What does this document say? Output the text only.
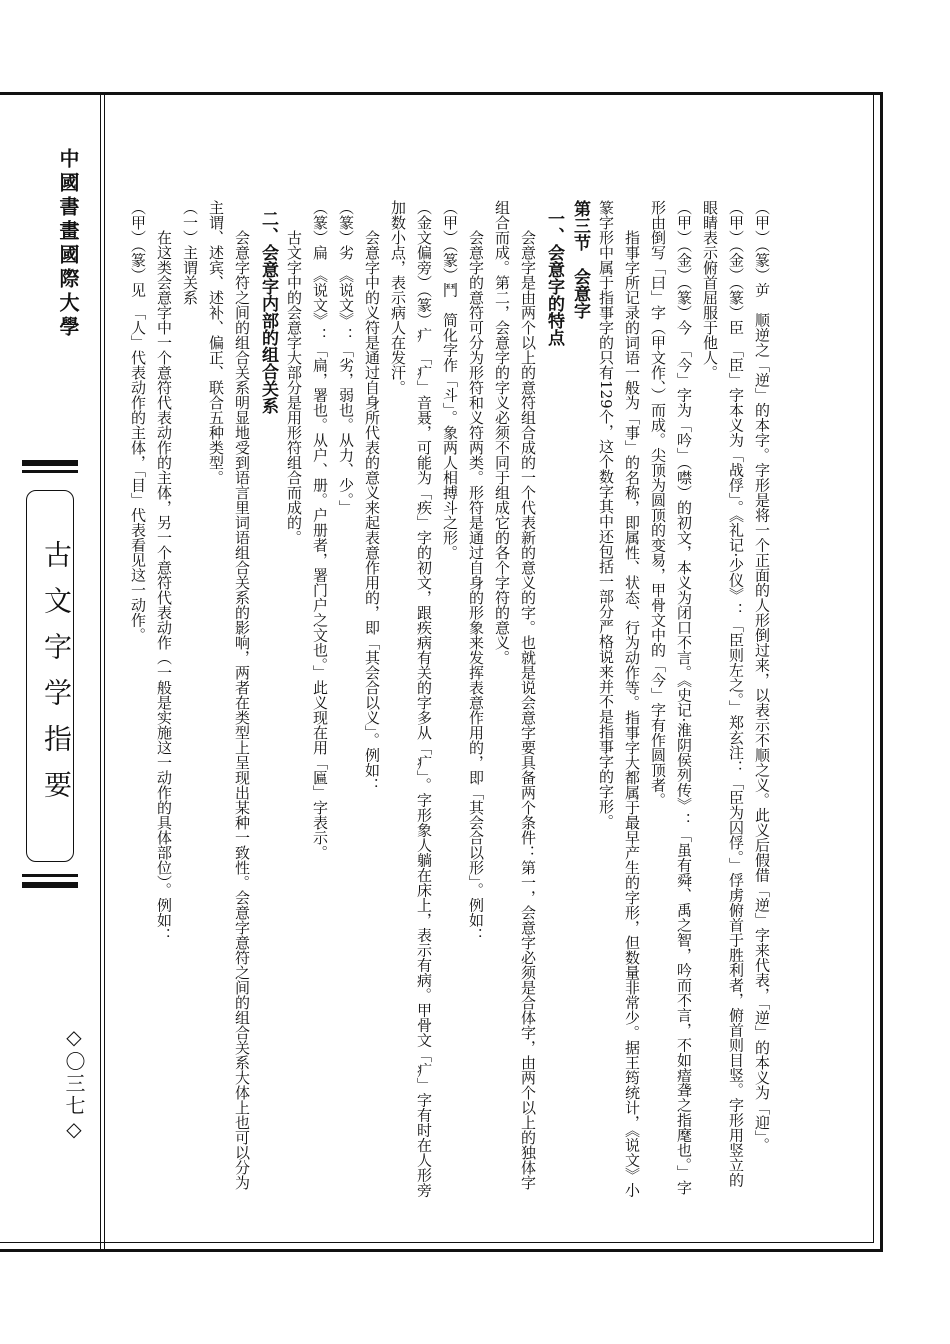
中國書畫國際大學
古文字学指要
◇〇三七◇	（甲）（篆）屰　顺逆之「逆」的本字。字形是将一个正面的人形倒过来，以表示不顺之义。此义后假借「逆」字来代表，「逆」的本义为「迎」。

（甲）（金）（篆）臣　「臣」字本义为「战俘」。《礼记·少仪》：「臣则左之。」郑玄注：「臣为囚俘。」俘虏俯首于胜利者，俯首则目竖。字形用竖立的眼睛表示俯首屈服于他人。

（甲）（金）（篆）今　「今」字为「吟」（噤）的初文，本义为闭口不言。《史记·淮阴侯列传》：「虽有舜、禹之智，吟而不言，不如瘖聋之指麾也。」字形由倒写「曰」字（甲文作、）而成。尖顶为圆顶的变易，甲骨文中的「今」字有作圆顶者。

指事字所记录的词语一般为「事」的名称，即属性、状态、行为动作等。指事字大都属于最早产生的字形，但数量非常少。据王筠统计，《说文》小篆字形中属于指事字的只有129个，这个数字其中还包括一部分严格说来并不是指事字的字形。

第三节　会意字

一、会意字的特点

会意字是由两个以上的意符组合成的一个代表新的意义的字。也就是说会意字要具备两个条件：第一，会意字必须是合体字，由两个以上的独体字组合而成。第二，会意字的字义必须不同于组成它的各个字符的意义。

会意字的意符可分为形符和义符两类。形符是通过自身的形象来发挥表意作用的，即「其会合以形」。例如：

（甲）（篆）鬥　简化字作「斗」。象两人相搏斗之形。

（金文偏旁）（篆）疒　「疒」音聂，可能为「疾」字的初文，跟疾病有关的字多从「疒」。字形象人躺在床上，表示有病。甲骨文「疒」字有时在人形旁加数小点，表示病人在发汗。

会意字中的义符是通过自身所代表的意义来起表意作用的，即「其会合以义」。例如：

（篆）劣　《说文》：「劣，弱也。从力、少。」

（篆）扁　《说文》：「扁，署也。从户、册。户册者，署门户之文也。」此义现在用「匾」字表示。

古文字中的会意字大部分是用形符组合而成的。

二、会意字内部的组合关系

会意字符之间的组合关系明显地受到语言里词语组合关系的影响，两者在类型上呈现出某种一致性。会意字意符之间的组合关系大体上也可以分为主谓、述宾、述补、偏正、联合五种类型。

（一）主谓关系

在这类会意字中一个意符代表动作的主体，另一个意符代表动作（一般是实施这一动作的具体部位）。例如：

（甲）（篆）见　「人」代表动作的主体，「目」代表看见这一动作。
